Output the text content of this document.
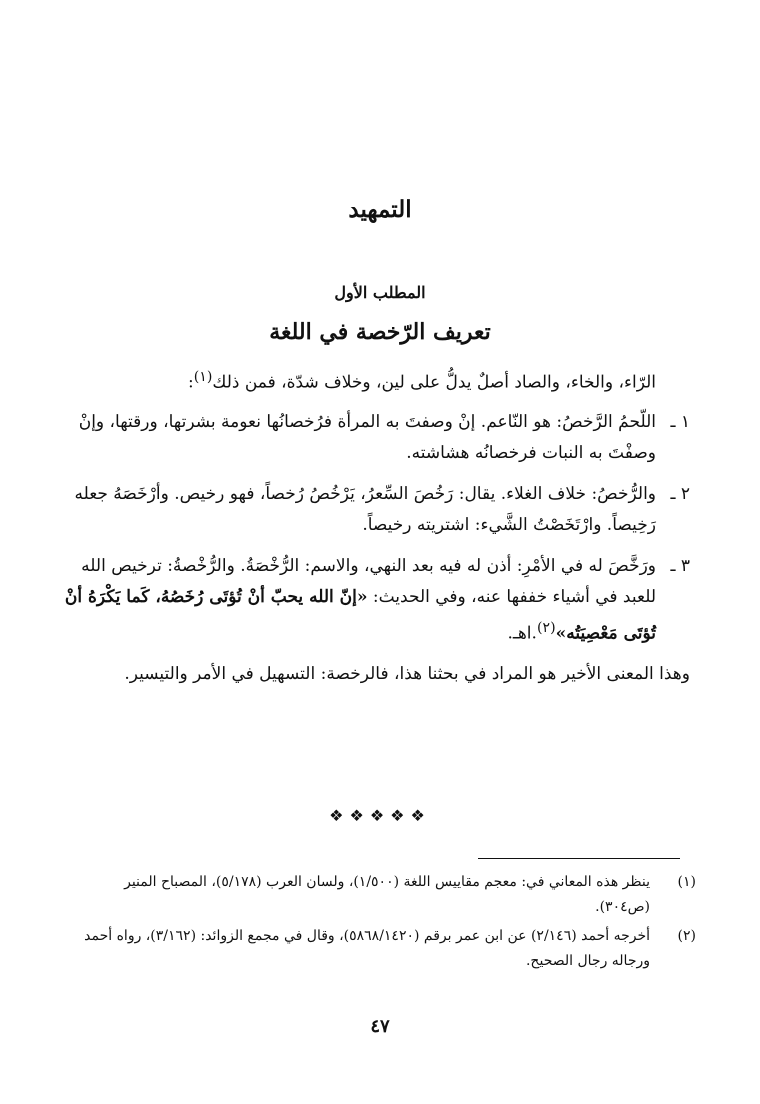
التمهيد
المطلب الأول
تعريف الرّخصة في اللغة

الرّاء، والخاء، والصاد أصلٌ يدلُّ على لين، وخلاف شدّة، فمن ذلك$^{(١)}$:

١ ـ
اللّحمُ الرَّخصُ: هو النّاعم. إنْ وصفتَ به المرأة فرُخصانُها نعومة بشرتها، ورقتها، وإنْ وصفْتَ به النبات فرخصانُه هشاشته.
٢ ـ
والرُّخصُ: خلاف الغلاء. يقال: رَخُصَ السِّعرُ، يَرْخُصُ رُخصاً، فهو رخيص. وأرْخَصَهُ جعله رَخِيصاً. وارْتَخَصْتُ الشَّيء: اشتريته رخيصاً.
٣ ـ
ورَخَّصَ له في الأمْرِ: أذن له فيه بعد النهي، والاسم: الرُّخْصَةُ. والرُّخْصةُ: ترخيص الله للعبد في أشياء خففها عنه، وفي الحديث: «إنّ الله يحبّ أنْ تُؤتَى رُخَصُهُ، كَما يَكْرَهُ أنْ تُؤتَى مَعْصِيَتُه»$^{(٢)}$.اهـ.

وهذا المعنى الأخير هو المراد في بحثنا هذا، فالرخصة: التسهيل في الأمر والتيسير.

❖❖❖❖❖
(١)
ينظر هذه المعاني في: معجم مقاييس اللغة (١/٥٠٠)، ولسان العرب (٥/١٧٨)، المصباح المنير (ص٣٠٤).
(٢)
أخرجه أحمد (٢/١٤٦) عن ابن عمر برقم (٥٨٦٨/١٤٢٠)، وقال في مجمع الزوائد: (٣/١٦٢)، رواه أحمد ورجاله رجال الصحيح.
٤٧
